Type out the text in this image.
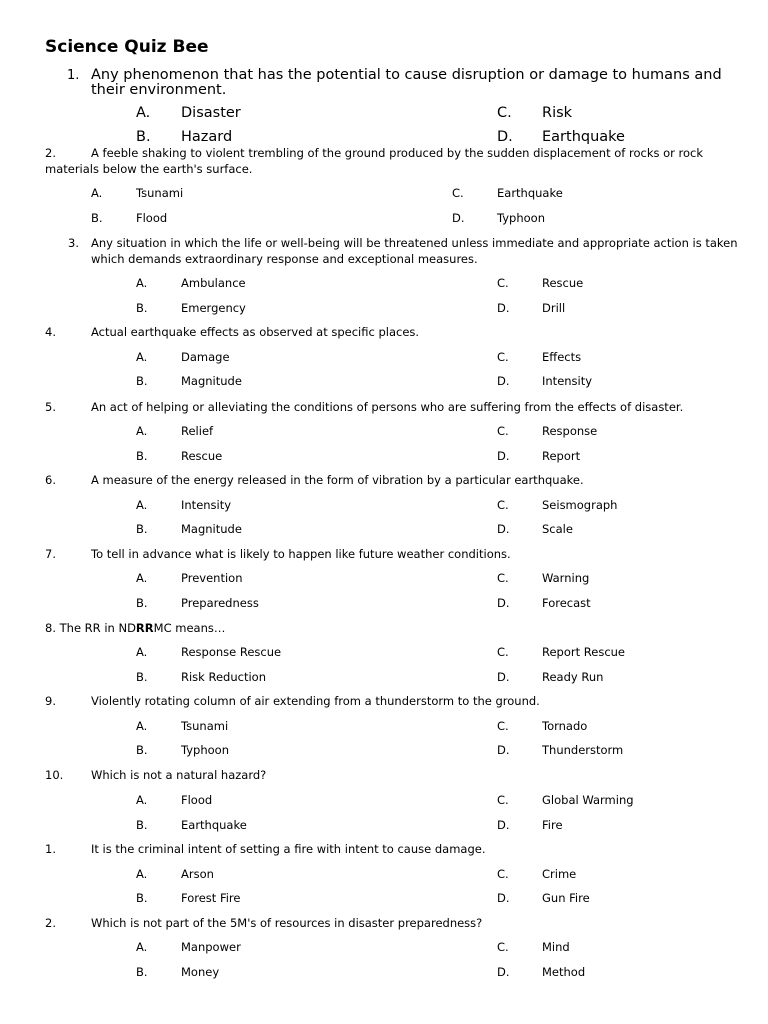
Science Quiz Bee
1. Any phenomenon that has the potential to cause disruption or damage to humans and their environment.
A. Disaster
B. Hazard
C. Risk
D. Earthquake
2.	A feeble shaking to violent trembling of the ground produced by the sudden displacement of rocks or rock
materials below the earth's surface.
A.	Tsunami
B.	Flood
C.	Earthquake
D.	Typhoon
3. Any situation in which the life or well-being will be threatened unless immediate and appropriate action is taken
which demands extraordinary response and exceptional measures.
A.	Ambulance
B.	Emergency
C.	Rescue
D.	Drill
4.	Actual earthquake effects as observed at specific places.
A.	Damage
B.	Magnitude
C.	Effects
D.	Intensity
5.	An act of helping or alleviating the conditions of persons who are suffering from the effects of disaster.
A.	Relief
B.	Rescue
C.	Response
D.	Report
6.	A measure of the energy released in the form of vibration by a particular earthquake.
A.	Intensity
B.	Magnitude
C.	Seismograph
D.	Scale
7.	To tell in advance what is likely to happen like future weather conditions.
A.	Prevention
B.	Preparedness
C.	Warning
D.	Forecast
8. The RR in NDRRMC means…
A.	Response Rescue
B.	Risk Reduction
C.	Report Rescue
D.	Ready Run
9.	Violently rotating column of air extending from a thunderstorm to the ground.
A.	Tsunami
B.	Typhoon
C.	Tornado
D.	Thunderstorm
10. Which is not a natural hazard?
A.	Flood
B.	Earthquake
C.	Global Warming
D.	Fire
1.	It is the criminal intent of setting a fire with intent to cause damage.
A.	Arson
B.	Forest Fire
C.	Crime
D.	Gun Fire
2.	Which is not part of the 5M's of resources in disaster preparedness?
A.	Manpower
B.	Money
C.	Mind
D.	Method
